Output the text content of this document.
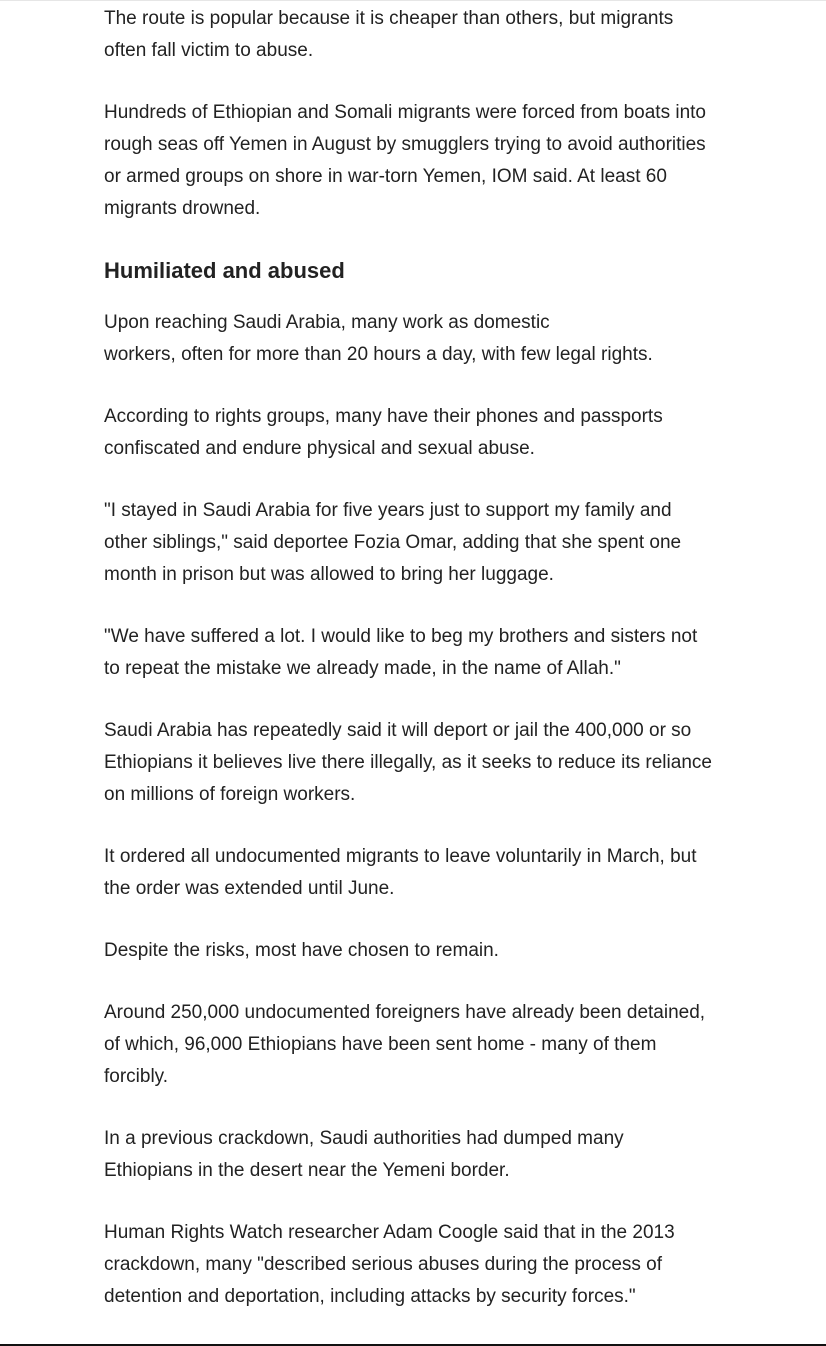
The route is popular because it is cheaper than others, but migrants often fall victim to abuse.

Hundreds of Ethiopian and Somali migrants were forced from boats into rough seas off Yemen in August by smugglers trying to avoid authorities or armed groups on shore in war-torn Yemen, IOM said. At least 60 migrants drowned.

Humiliated and abused

Upon reaching Saudi Arabia, many work as domestic
workers, often for more than 20 hours a day, with few legal rights.

According to rights groups, many have their phones and passports confiscated and endure physical and sexual abuse.

"I stayed in Saudi Arabia for five years just to support my family and other siblings," said deportee Fozia Omar, adding that she spent one month in prison but was allowed to bring her luggage.

"We have suffered a lot. I would like to beg my brothers and sisters not to repeat the mistake we already made, in the name of Allah."

Saudi Arabia has repeatedly said it will deport or jail the 400,000 or so Ethiopians it believes live there illegally, as it seeks to reduce its reliance on millions of foreign workers.

It ordered all undocumented migrants to leave voluntarily in March, but the order was extended until June.

Despite the risks, most have chosen to remain.

Around 250,000 undocumented foreigners have already been detained, of which, 96,000 Ethiopians have been sent home - many of them forcibly.

In a previous crackdown, Saudi authorities had dumped many Ethiopians in the desert near the Yemeni border.

Human Rights Watch researcher Adam Coogle said that in the 2013 crackdown, many "described serious abuses during the process of detention and deportation, including attacks by security forces."
